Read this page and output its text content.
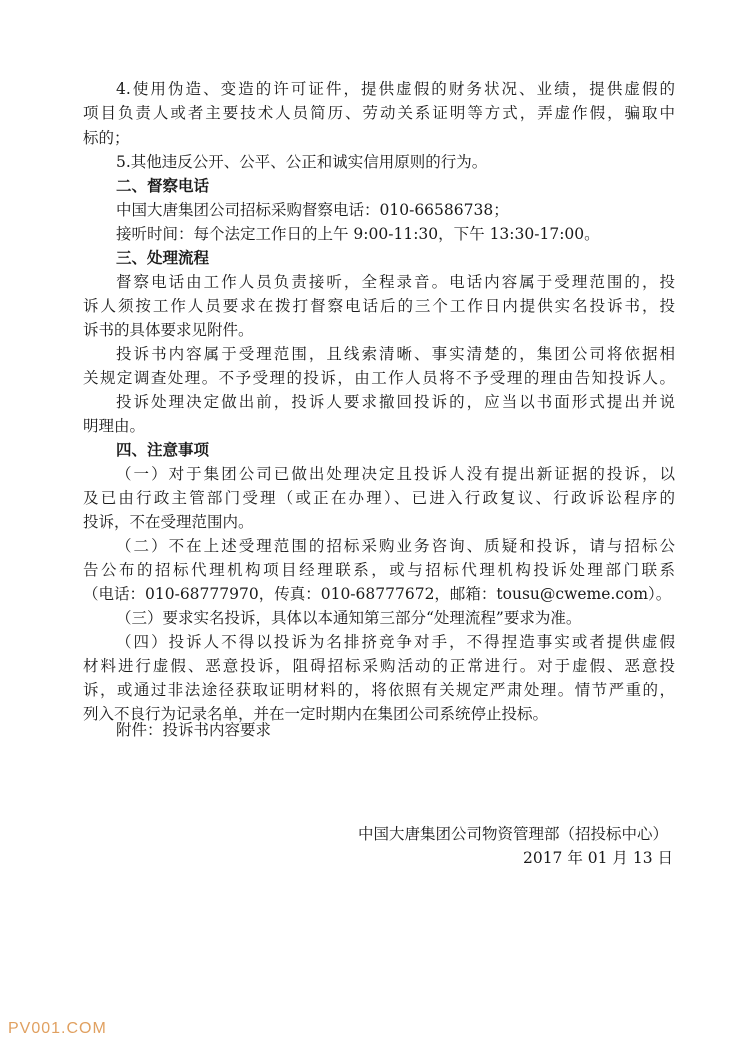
4.使用伪造、变造的许可证件，提供虚假的财务状况、业绩，提供虚假的
项目负责人或者主要技术人员简历、劳动关系证明等方式，弄虚作假，骗取中
标的；
5.其他违反公开、公平、公正和诚实信用原则的行为。
二、督察电话
中国大唐集团公司招标采购督察电话：010-66586738；
接听时间：每个法定工作日的上午 9:00-11:30，下午 13:30-17:00。
三、处理流程
督察电话由工作人员负责接听，全程录音。电话内容属于受理范围的，投
诉人须按工作人员要求在拨打督察电话后的三个工作日内提供实名投诉书，投
诉书的具体要求见附件。
投诉书内容属于受理范围，且线索清晰、事实清楚的，集团公司将依据相
关规定调查处理。不予受理的投诉，由工作人员将不予受理的理由告知投诉人。
投诉处理决定做出前，投诉人要求撤回投诉的，应当以书面形式提出并说
明理由。
四、注意事项
（一）对于集团公司已做出处理决定且投诉人没有提出新证据的投诉，以
及已由行政主管部门受理（或正在办理）、已进入行政复议、行政诉讼程序的
投诉，不在受理范围内。
（二）不在上述受理范围的招标采购业务咨询、质疑和投诉，请与招标公
告公布的招标代理机构项目经理联系，或与招标代理机构投诉处理部门联系
（电话：010-68777970，传真：010-68777672，邮箱：tousu@cweme.com）。
（三）要求实名投诉，具体以本通知第三部分“处理流程”要求为准。
（四）投诉人不得以投诉为名排挤竞争对手，不得捏造事实或者提供虚假
材料进行虚假、恶意投诉，阻碍招标采购活动的正常进行。对于虚假、恶意投
诉，或通过非法途径获取证明材料的，将依照有关规定严肃处理。情节严重的，
列入不良行为记录名单，并在一定时期内在集团公司系统停止投标。
附件：投诉书内容要求
中国大唐集团公司物资管理部（招投标中心）
2017 年 01 月 13 日
PV001.COM
